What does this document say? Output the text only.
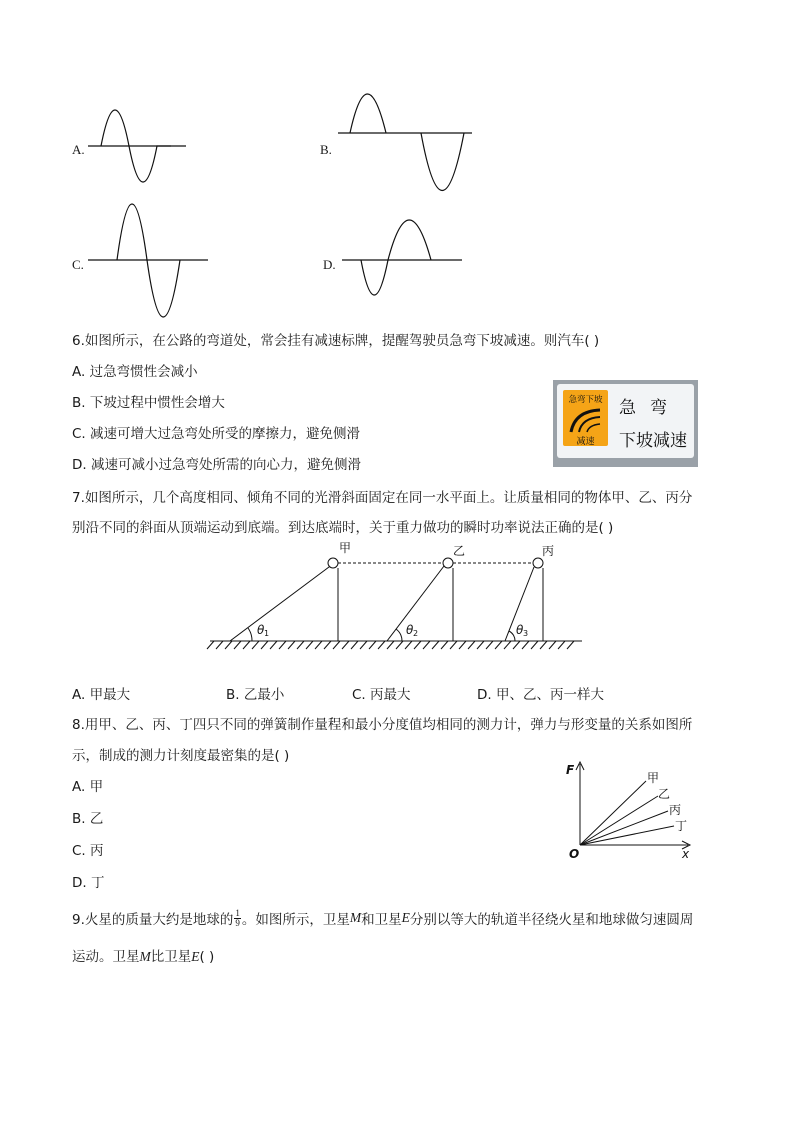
A.	B.
C.	D.
6.如图所示，在公路的弯道处，常会挂有减速标牌，提醒驾驶员急弯下坡减速。则汽车( )
A. 过急弯惯性会减小
B. 下坡过程中惯性会增大
C. 减速可增大过急弯处所受的摩擦力，避免侧滑
D. 减速可减小过急弯处所需的向心力，避免侧滑
急弯下坡
减速
急弯
下坡减速
7.如图所示，几个高度相同、倾角不同的光滑斜面固定在同一水平面上。让质量相同的物体甲、乙、丙分
别沿不同的斜面从顶端运动到底端。到达底端时，关于重力做功的瞬时功率说法正确的是( )
甲	乙	丙
θ 1	θ 2	θ 3
A. 甲最大	B. 乙最小	C. 丙最大	D. 甲、乙、丙一样大
8.用甲、乙、丙、丁四只不同的弹簧制作量程和最小分度值均相同的测力计，弹力与形变量的关系如图所
示，制成的测力计刻度最密集的是( )
A. 甲
B. 乙
C. 丙
D. 丁
F
x
O
甲
乙
丙
丁
9.火星的质量大约是地球的 $\frac{1}{9}$ 。如图所示，卫星 M 和卫星 E 分别以等大的轨道半径绕火星和地球做匀速圆周
运动。卫星M比卫星E( )
